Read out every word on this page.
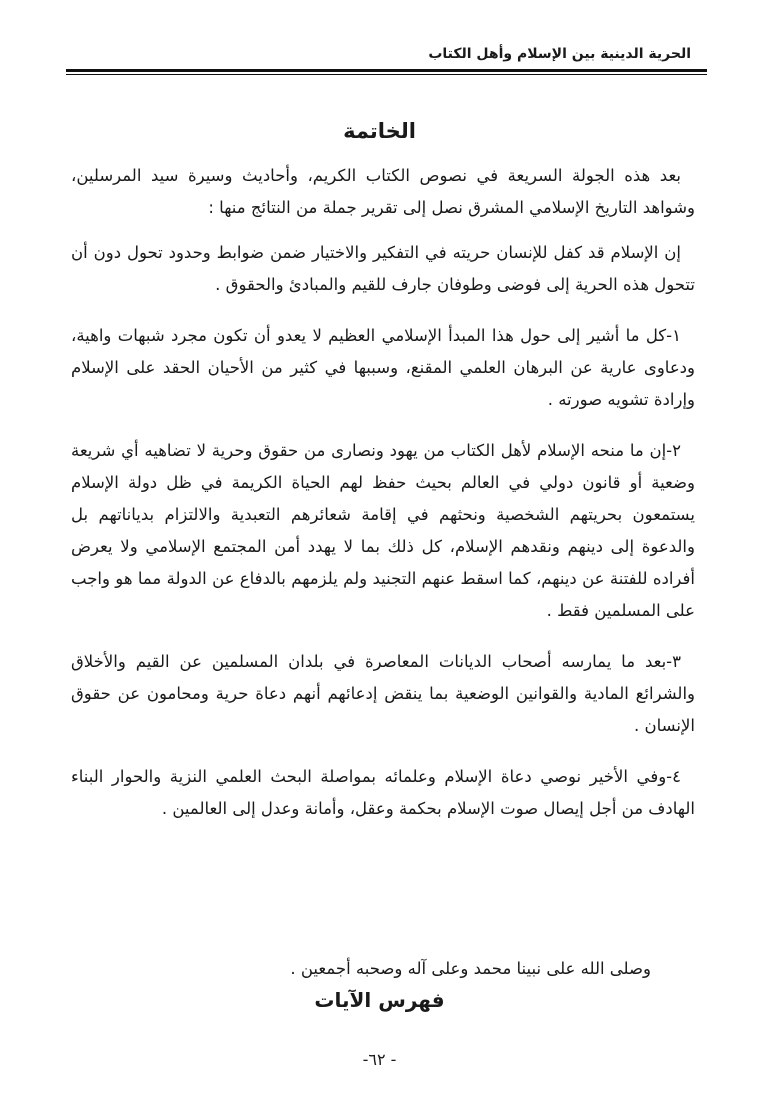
الحرية الدينية بين الإسلام وأهل الكتاب
الخاتمة

بعد هذه الجولة السريعة في نصوص الكتاب الكريم، وأحاديث وسيرة سيد المرسلين، وشواهد التاريخ الإسلامي المشرق نصل إلى تقرير جملة من النتائج منها :

إن الإسلام قد كفل للإنسان حريته في التفكير والاختيار ضمن ضوابط وحدود تحول دون أن تتحول هذه الحرية إلى فوضى وطوفان جارف للقيم والمبادئ والحقوق .

١-كل ما أشير إلى حول هذا المبدأ الإسلامي العظيم لا يعدو أن تكون مجرد شبهات واهية، ودعاوى عارية عن البرهان العلمي المقنع، وسببها في كثير من الأحيان الحقد على الإسلام وإرادة تشويه صورته .

٢-إن ما منحه الإسلام لأهل الكتاب من يهود ونصارى من حقوق وحرية لا تضاهيه أي شريعة وضعية أو قانون دولي في العالم بحيث حفظ لهم الحياة الكريمة في ظل دولة الإسلام يستمعون بحريتهم الشخصية ونحثهم في إقامة شعائرهم التعبدية والالتزام بدياناتهم بل والدعوة إلى دينهم ونقدهم الإسلام، كل ذلك بما لا يهدد أمن المجتمع الإسلامي ولا يعرض أفراده للفتنة عن دينهم، كما اسقط عنهم التجنيد ولم يلزمهم بالدفاع عن الدولة مما هو واجب على المسلمين فقط .

٣-بعد ما يمارسه أصحاب الديانات المعاصرة في بلدان المسلمين عن القيم والأخلاق والشرائع المادية والقوانين الوضعية بما ينقض إدعائهم أنهم دعاة حرية ومحامون عن حقوق الإنسان .

٤-وفي الأخير نوصي دعاة الإسلام وعلمائه بمواصلة البحث العلمي النزية والحوار البناء الهادف من أجل إيصال صوت الإسلام بحكمة وعقل، وأمانة وعدل إلى العالمين .

وصلى الله على نبينا محمد وعلى آله وصحبه أجمعين .
فهرس الآيات
- ٦٢-
